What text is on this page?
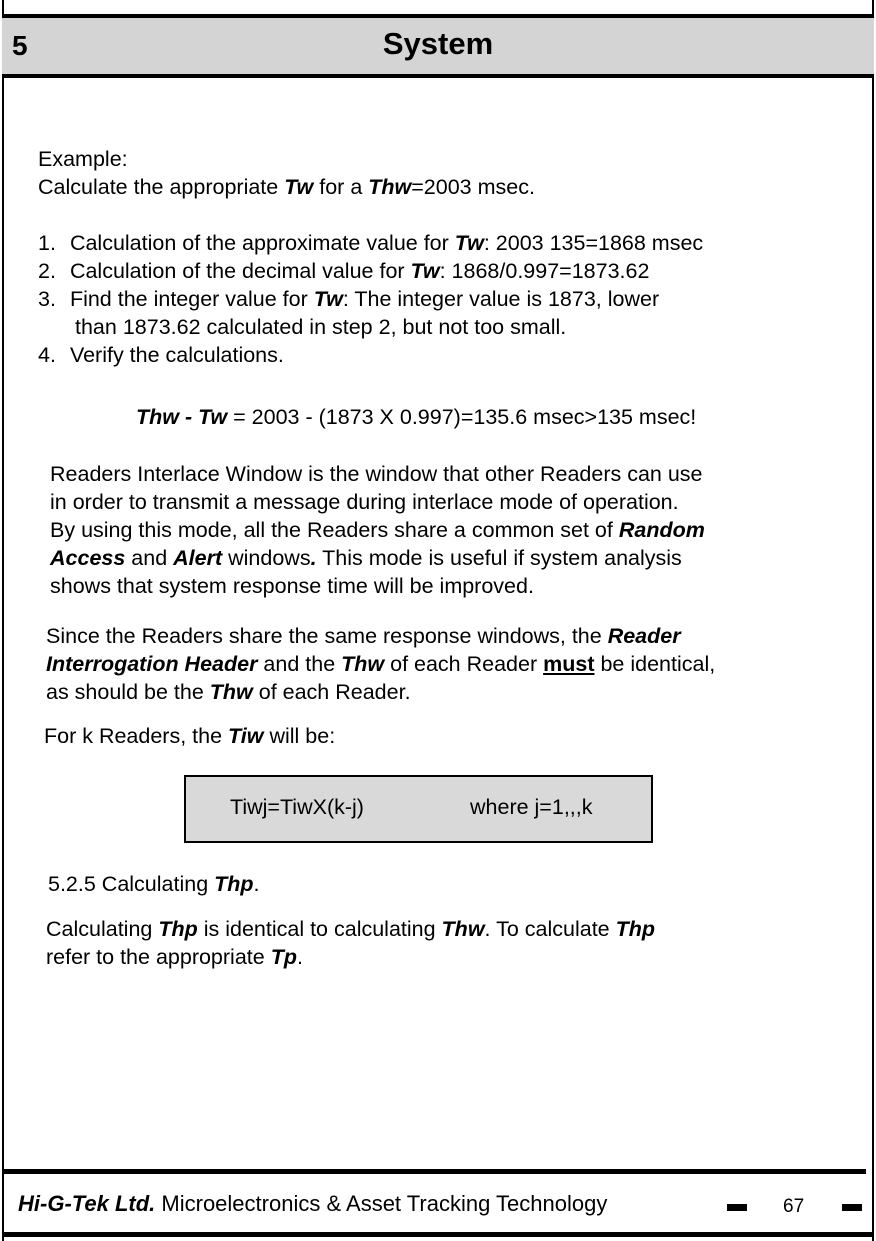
5	System
Example:
Calculate the appropriate Tw for a Thw=2003 msec.
1. Calculation of the approximate value for Tw: 2003 135=1868 msec
2. Calculation of the decimal value for Tw: 1868/0.997=1873.62
3. Find the integer value for Tw: The integer value is 1873, lower
than 1873.62 calculated in step 2, but not too small.
4. Verify the calculations.
Thw - Tw = 2003 - (1873 X 0.997)=135.6 msec>135 msec!
Readers Interlace Window is the window that other Readers can use
in order to transmit a message during interlace mode of operation.
By using this mode, all the Readers share a common set of Random
Access and Alert windows. This mode is useful if system analysis
shows that system response time will be improved.
Since the Readers share the same response windows, the Reader
Interrogation Header and the Thw of each Reader must be identical,
as should be the Thw of each Reader.
For k Readers, the Tiw will be:
Tiwj=TiwX(k-j)	where j=1,,,k
5.2.5 Calculating Thp.
Calculating Thp is identical to calculating Thw. To calculate Thp
refer to the appropriate Tp.
Hi-G-Tek Ltd. Microelectronics & Asset Tracking Technology	67
